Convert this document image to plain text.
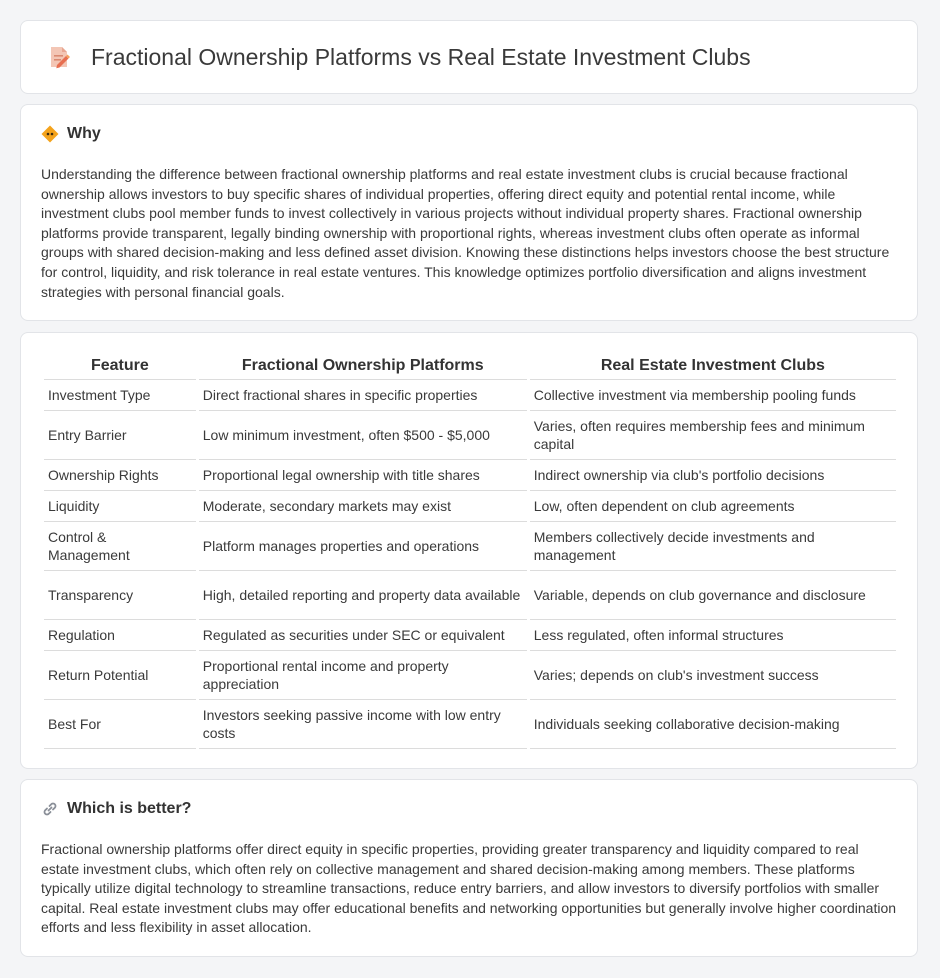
Fractional Ownership Platforms vs Real Estate Investment Clubs
Why

Understanding the difference between fractional ownership platforms and real estate investment clubs is crucial because fractional ownership allows investors to buy specific shares of individual properties, offering direct equity and potential rental income, while investment clubs pool member funds to invest collectively in various projects without individual property shares. Fractional ownership platforms provide transparent, legally binding ownership with proportional rights, whereas investment clubs often operate as informal groups with shared decision-making and less defined asset division. Knowing these distinctions helps investors choose the best structure for control, liquidity, and risk tolerance in real estate ventures. This knowledge optimizes portfolio diversification and aligns investment strategies with personal financial goals.

Feature	Fractional Ownership Platforms	Real Estate Investment Clubs
Investment Type	Direct fractional shares in specific properties	Collective investment via membership pooling funds
Entry Barrier	Low minimum investment, often $500 - $5,000	Varies, often requires membership fees and minimum capital
Ownership Rights	Proportional legal ownership with title shares	Indirect ownership via club's portfolio decisions
Liquidity	Moderate, secondary markets may exist	Low, often dependent on club agreements
Control & Management	Platform manages properties and operations	Members collectively decide investments and management
Transparency	High, detailed reporting and property data available	Variable, depends on club governance and disclosure
Regulation	Regulated as securities under SEC or equivalent	Less regulated, often informal structures
Return Potential	Proportional rental income and property appreciation	Varies; depends on club's investment success
Best For	Investors seeking passive income with low entry costs	Individuals seeking collaborative decision-making
Which is better?

Fractional ownership platforms offer direct equity in specific properties, providing greater transparency and liquidity compared to real estate investment clubs, which often rely on collective management and shared decision-making among members. These platforms typically utilize digital technology to streamline transactions, reduce entry barriers, and allow investors to diversify portfolios with smaller capital. Real estate investment clubs may offer educational benefits and networking opportunities but generally involve higher coordination efforts and less flexibility in asset allocation.
